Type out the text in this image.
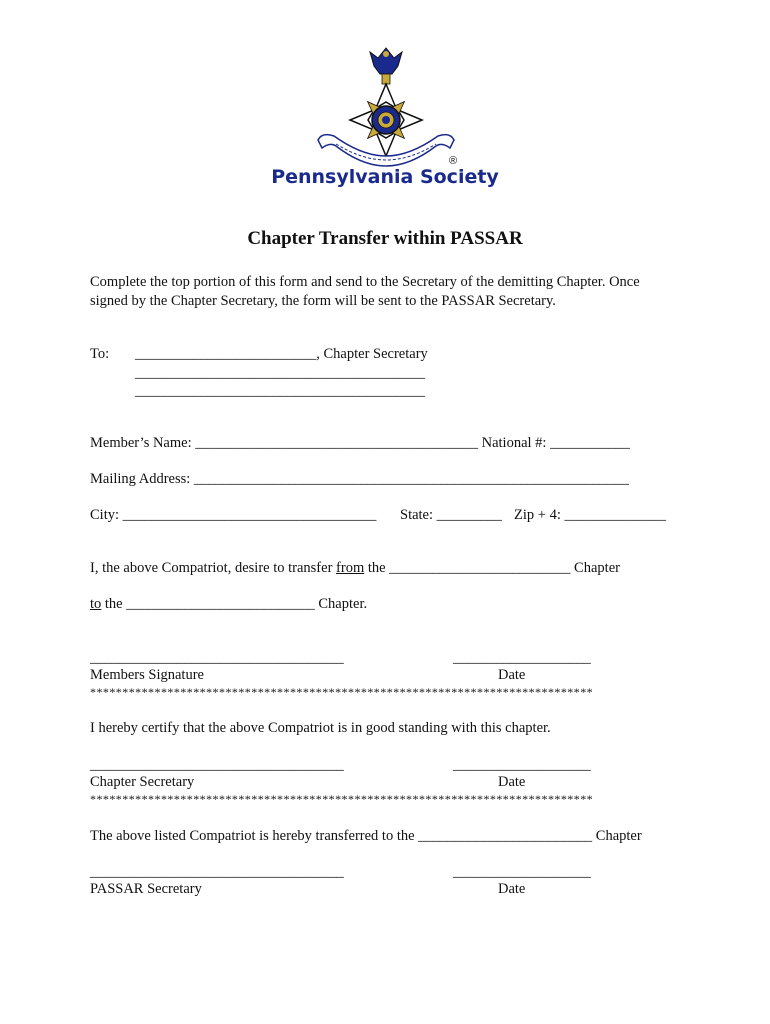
®
Pennsylvania Society
Chapter Transfer within PASSAR
Complete the top portion of this form and send to the Secretary of the demitting Chapter. Once signed by the Chapter Secretary, the form will be sent to the PASSAR Secretary.
To: _________________________, Chapter Secretary
________________________________________
________________________________________
Member’s Name: _______________________________________ National #: ___________
Mailing Address: ____________________________________________________________
City: ___________________________________ State: _________ Zip + 4: ______________
I, the above Compatriot, desire to transfer from the _________________________ Chapter
to the __________________________ Chapter.
___________________________________	___________________
Members Signature	Date
******************************************************************************
I hereby certify that the above Compatriot is in good standing with this chapter.
___________________________________	___________________
Chapter Secretary	Date
******************************************************************************
The above listed Compatriot is hereby transferred to the ________________________ Chapter
___________________________________	___________________
PASSAR Secretary	Date
